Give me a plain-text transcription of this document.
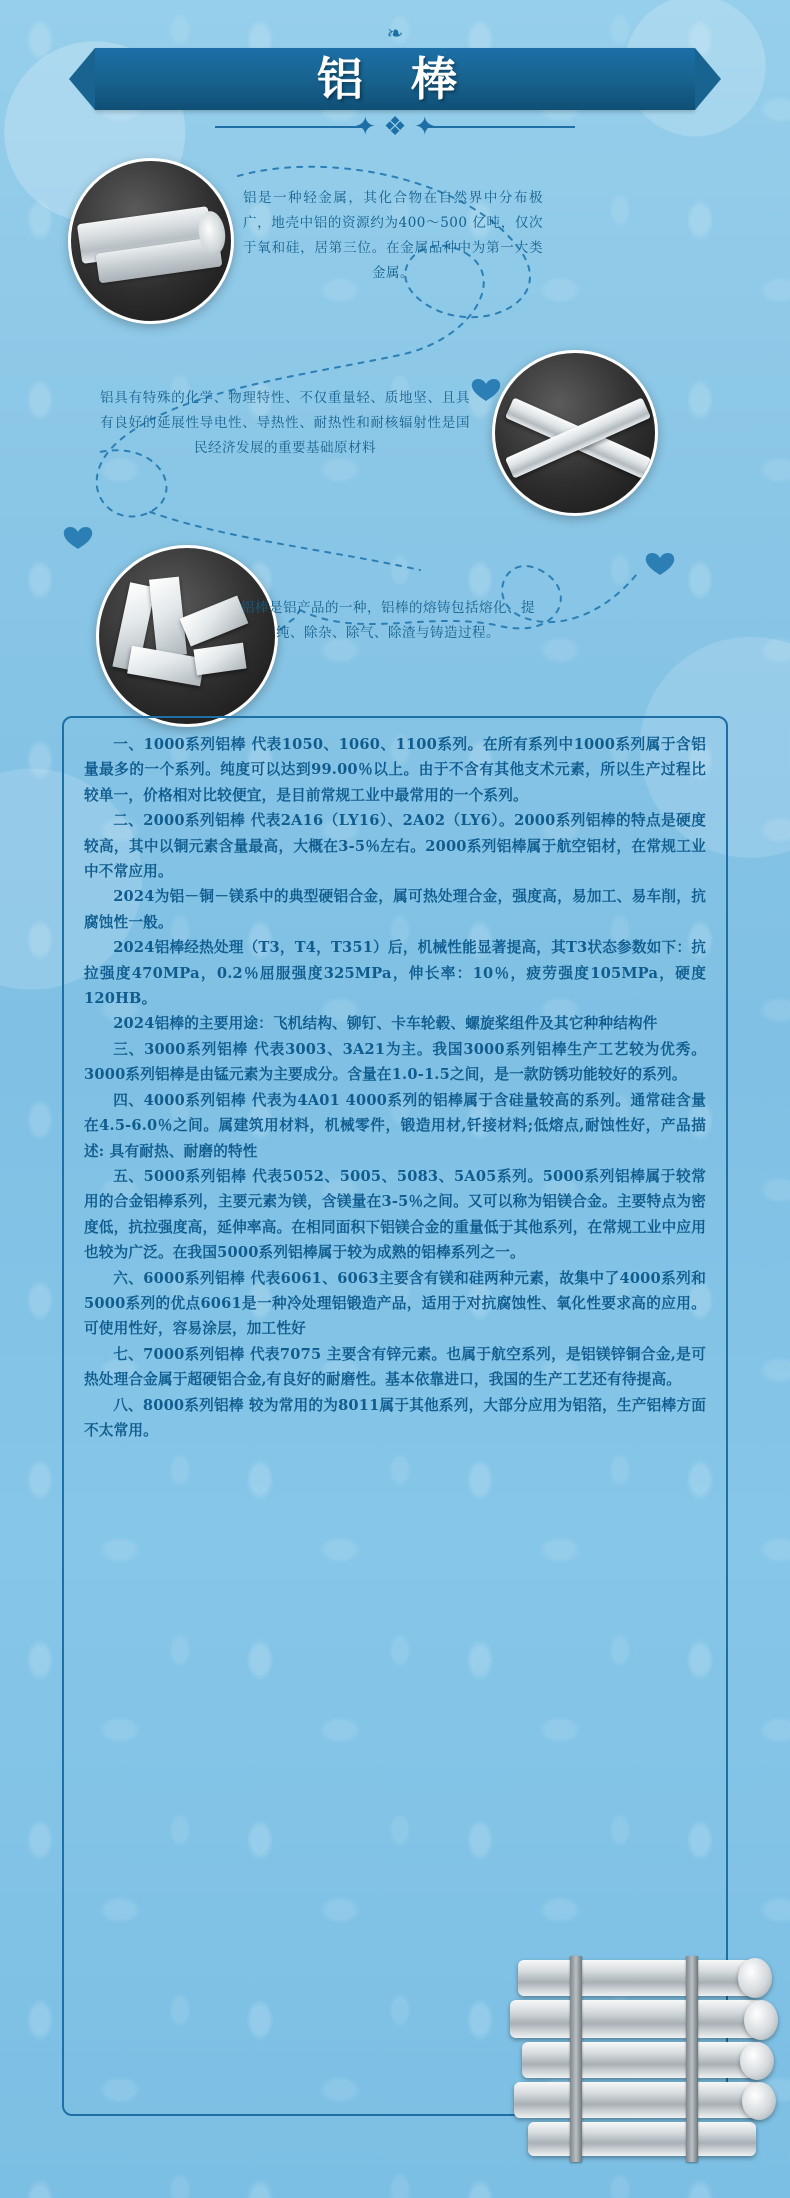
❧
铝 棒
✦ ❖ ✦
铝是一种轻金属，其化合物在自然界中分布极广，地壳中铝的资源约为400～500 亿吨，仅次于氧和硅，居第三位。在金属品种中为第一大类金属。
铝具有特殊的化学、物理特性、不仅重量轻、质地坚、且具有良好的延展性导电性、导热性、耐热性和耐核辐射性是国民经济发展的重要基础原材料
铝棒是铝产品的一种，铝棒的熔铸包括熔化、提纯、除杂、除气、除渣与铸造过程。

一、1000系列铝棒 代表1050、1060、1100系列。在所有系列中1000系列属于含铝量最多的一个系列。纯度可以达到99.00％以上。由于不含有其他支术元素，所以生产过程比较单一，价格相对比较便宜，是目前常规工业中最常用的一个系列。

二、2000系列铝棒 代表2A16（LY16）、2A02（LY6）。2000系列铝棒的特点是硬度较高，其中以铜元素含量最高，大概在3-5％左右。2000系列铝棒属于航空铝材，在常规工业中不常应用。

2024为铝－铜－镁系中的典型硬铝合金，属可热处理合金，强度高，易加工、易车削，抗腐蚀性一般。

2024铝棒经热处理（T3，T4，T351）后，机械性能显著提高，其T3状态参数如下：抗拉强度470MPa，0.2％屈服强度325MPa，伸长率：10％，疲劳强度105MPa，硬度120HB。

2024铝棒的主要用途：飞机结构、铆钉、卡车轮毂、螺旋桨组件及其它种种结构件

三、3000系列铝棒 代表3003、3A21为主。我国3000系列铝棒生产工艺较为优秀。3000系列铝棒是由锰元素为主要成分。含量在1.0-1.5之间，是一款防锈功能较好的系列。

四、4000系列铝棒 代表为4A01 4000系列的铝棒属于含硅量较高的系列。通常硅含量在4.5-6.0％之间。属建筑用材料，机械零件，锻造用材,钎接材料;低熔点,耐蚀性好，产品描述: 具有耐热、耐磨的特性

五、5000系列铝棒 代表5052、5005、5083、5A05系列。5000系列铝棒属于较常用的合金铝棒系列，主要元素为镁，含镁量在3-5％之间。又可以称为铝镁合金。主要特点为密度低，抗拉强度高，延伸率高。在相同面积下铝镁合金的重量低于其他系列，在常规工业中应用也较为广泛。在我国5000系列铝棒属于较为成熟的铝棒系列之一。

六、6000系列铝棒 代表6061、6063主要含有镁和硅两种元素，故集中了4000系列和5000系列的优点6061是一种冷处理铝锻造产品，适用于对抗腐蚀性、氧化性要求高的应用。可使用性好，容易涂层，加工性好

七、7000系列铝棒 代表7075 主要含有锌元素。也属于航空系列，是铝镁锌铜合金,是可热处理合金属于超硬铝合金,有良好的耐磨性。基本依靠进口，我国的生产工艺还有待提高。

八、8000系列铝棒 较为常用的为8011属于其他系列，大部分应用为铝箔，生产铝棒方面不太常用。
